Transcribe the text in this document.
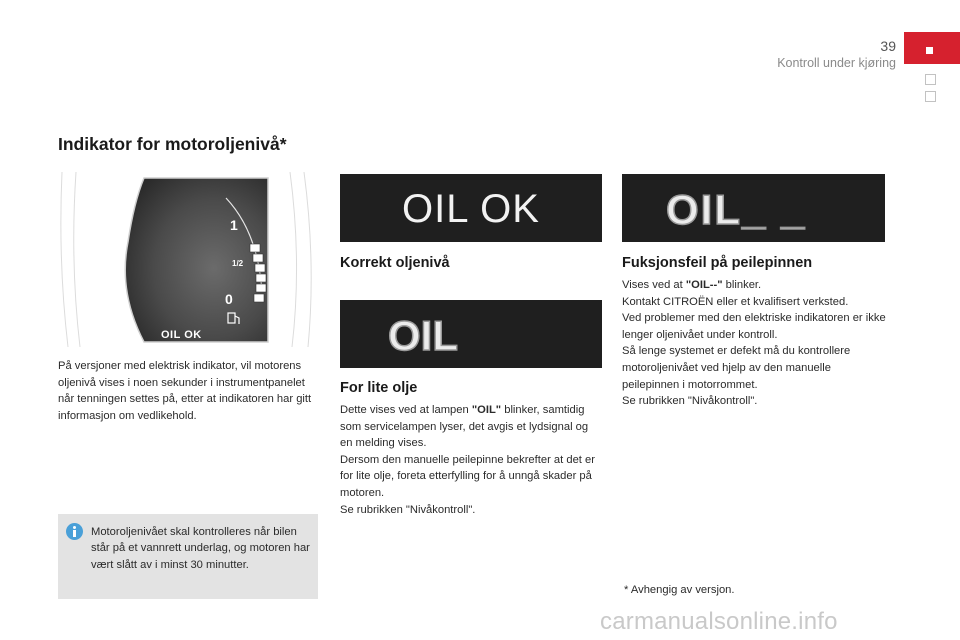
39
Kontroll under kjøring
Indikator for motoroljenivå*
1
1/2
0
OIL OK
På versjoner med elektrisk indikator, vil motorens oljenivå vises i noen sekunder i instrumentpanelet når tenningen settes på, etter at indikatoren har gitt informasjon om vedlikehold.
Motoroljenivået skal kontrolleres når bilen står på et vannrett underlag, og motoren har vært slått av i minst 30 minutter.
OIL OK
Korrekt oljenivå
OIL
For lite olje

Dette vises ved at lampen "OIL" blinker, samtidig som servicelampen lyser, det avgis et lydsignal og en melding vises.

Dersom den manuelle peilepinne bekrefter at det er for lite olje, foreta etterfylling for å unngå skader på motoren.

Se rubrikken "Nivåkontroll".

OIL_ _
Fuksjonsfeil på peilepinnen

Vises ved at "OIL--" blinker.

Kontakt CITROËN eller et kvalifisert verksted.

Ved problemer med den elektriske indikatoren er ikke lenger oljenivået under kontroll.

Så lenge systemet er defekt må du kontrollere motoroljenivået ved hjelp av den manuelle peilepinnen i motorrommet.

Se rubrikken "Nivåkontroll".

* Avhengig av versjon.
carmanualsonline.info
